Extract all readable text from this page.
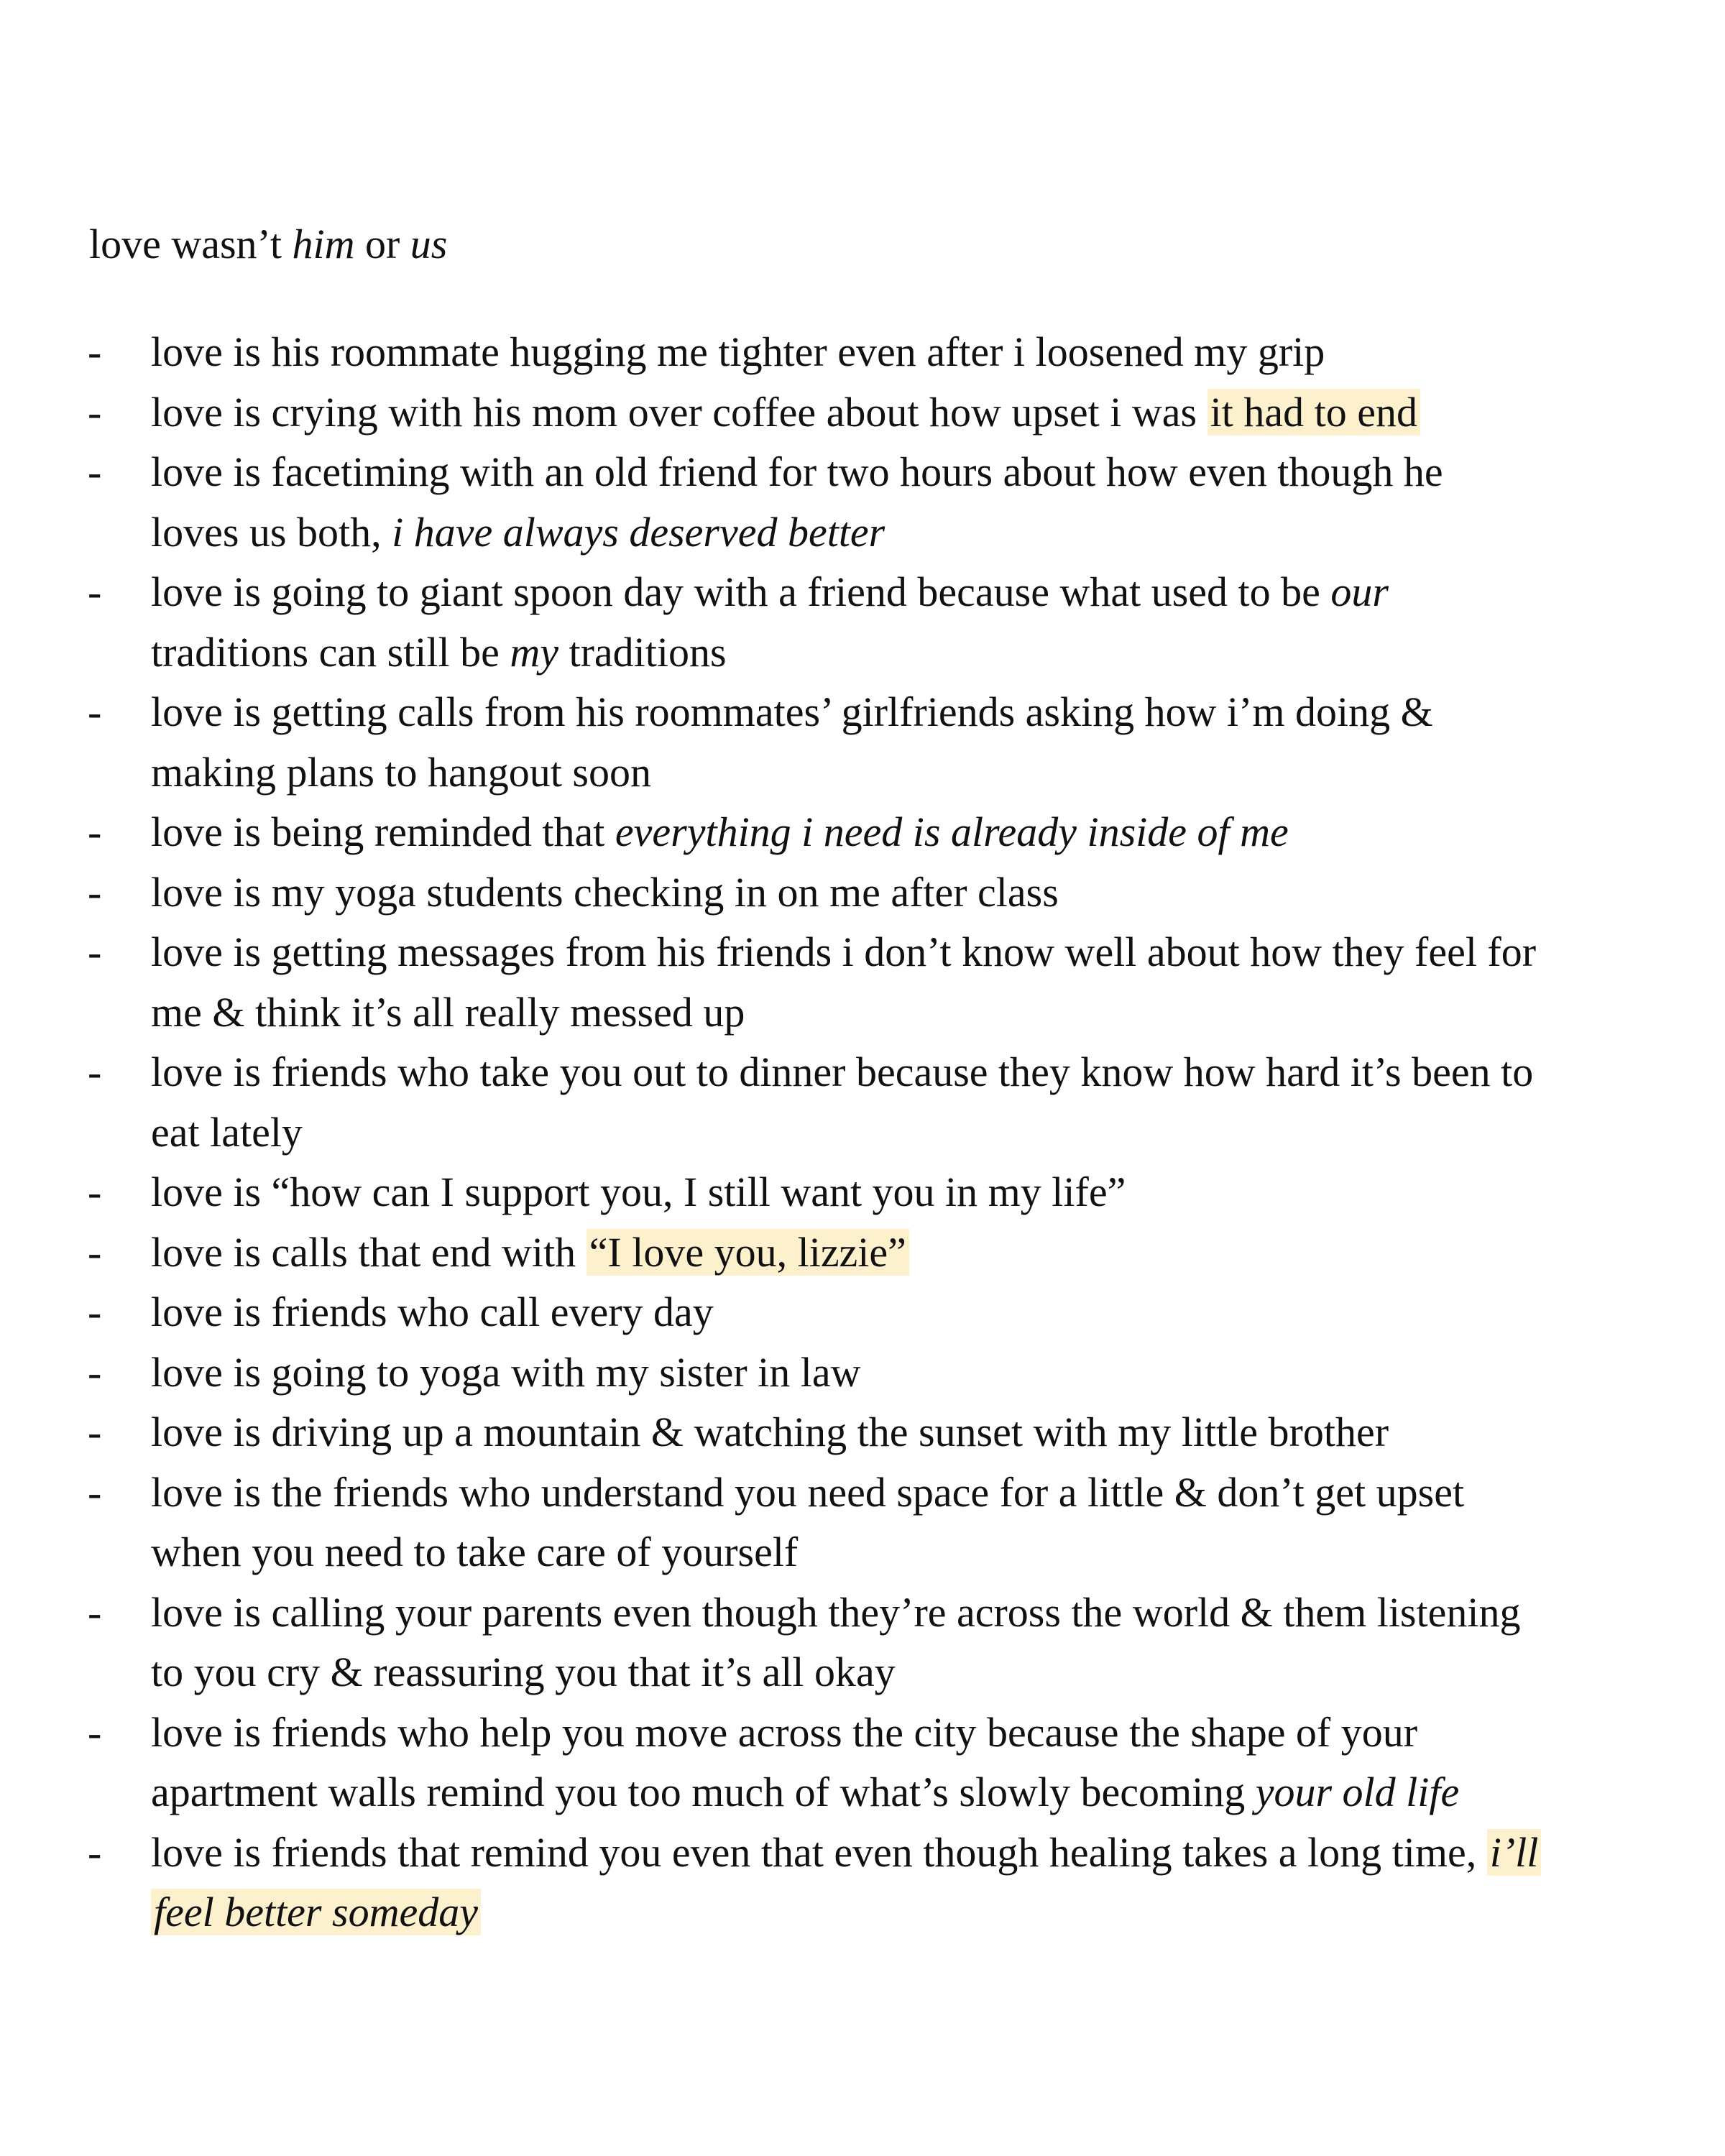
love wasn’t him or us
- love is his roommate hugging me tighter even after i loosened my grip
- love is crying with his mom over coffee about how upset i was it had to end
- love is facetiming with an old friend for two hours about how even though he
loves us both, i have always deserved better
- love is going to giant spoon day with a friend because what used to be our
traditions can still be my traditions
- love is getting calls from his roommates’ girlfriends asking how i’m doing &
making plans to hangout soon
- love is being reminded that everything i need is already inside of me
- love is my yoga students checking in on me after class
- love is getting messages from his friends i don’t know well about how they feel for
me & think it’s all really messed up
- love is friends who take you out to dinner because they know how hard it’s been to
eat lately
- love is “how can I support you, I still want you in my life”
- love is calls that end with “I love you, lizzie”
- love is friends who call every day
- love is going to yoga with my sister in law
- love is driving up a mountain & watching the sunset with my little brother
- love is the friends who understand you need space for a little & don’t get upset
when you need to take care of yourself
- love is calling your parents even though they’re across the world & them listening
to you cry & reassuring you that it’s all okay
- love is friends who help you move across the city because the shape of your
apartment walls remind you too much of what’s slowly becoming your old life
- love is friends that remind you even that even though healing takes a long time, i’ll
feel better someday
